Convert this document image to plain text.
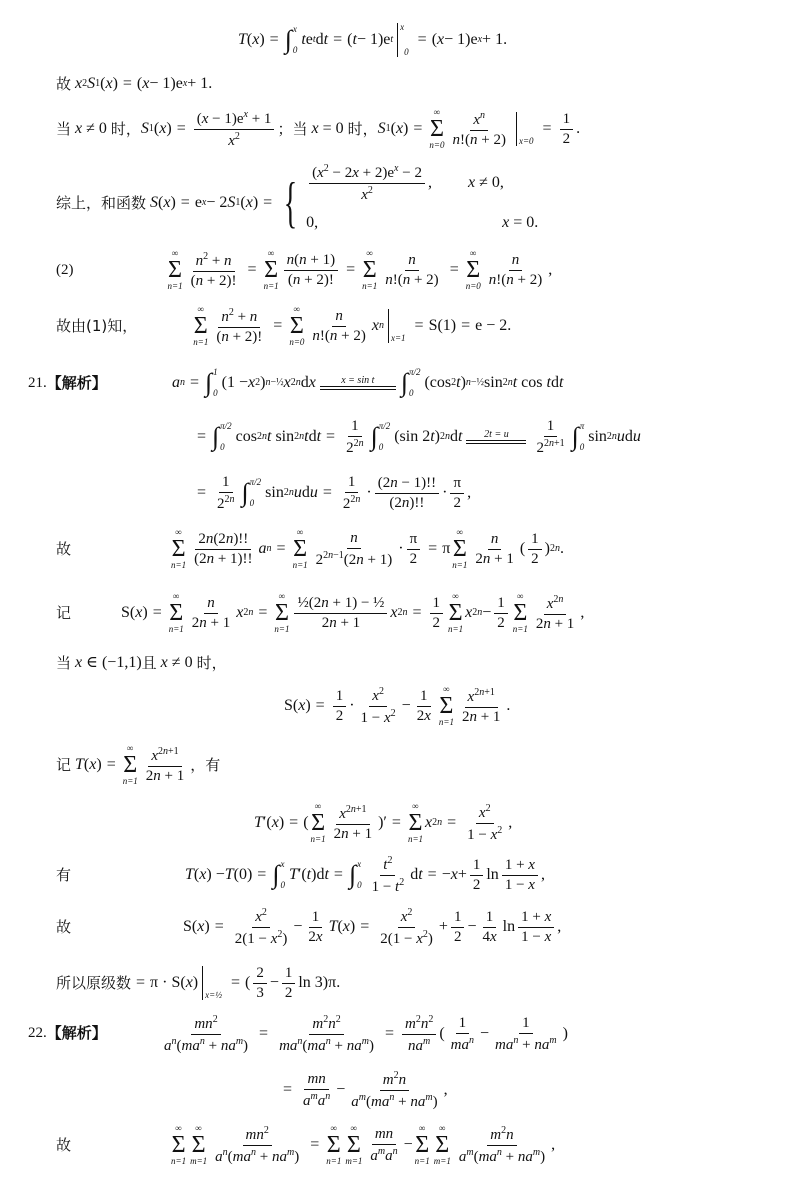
T ( x ) = ∫ x
0
t e t d t = ( t − 1)e t
x
0
= ( x − 1)e x + 1.
故
x 2 S 1 ( x ) = ( x − 1)e x + 1.
当
x ≠ 0 时， S 1 ( x ) = $\frac{(x - 1)e^x + 1}{x^2}$ ；当
x = 0 时， S 1 ( x ) =
∞
Σ
$n=0 \frac{x^n}{n!(n + 2)} x=0$
= $\frac{1}{2}$ .
综上，和函数
S ( x ) = e x − 2 S 1 ( x ) = { $\frac{(x^2 - 2x + 2)e^x - 2}{x^2}$ , x ≠ 0,
0,	x = 0.
(2)
∞
Σ
$n=1 \frac{n^2 + n}{(n + 2)!}$ =
∞
Σ
$n=1 \frac{n(n + 1)}{(n + 2)!}$ =
∞
Σ
$n=1 \frac{n}{n!(n + 2)}$ =
∞
Σ
$n=0 \frac{n}{n!(n + 2)}$ ,
故由(1)知，
∞
Σ
$n=1 \frac{n^2 + n}{(n + 2)!}$ =
∞
Σ
$n=0 \frac{n}{n!(n + 2)}$ x n
x=1
= S(1) = e − 2.
21. 【解析】	a n = ∫ 1
0
(1 − x 2 ) n−½ x 2n d x	x = sin t ∫ π/2
0
(cos 2 t ) n−½ sin 2n t cos t d t
= ∫ π/2
0
cos 2n t sin 2n t d $t = \frac{1}{2^{2n}}$ ∫ π/2
0
(sin 2 t ) 2n d t 2t = u $\frac{1}{2^{2n+1}}$ ∫ π
0
sin 2n u d u
= $\frac{1}{2^{2n}}$ ∫ π/2
0
sin 2n u d $u = \frac{1}{2^{2n}} \cdot \frac{(2n - 1)!!}{(2n)!!} \cdot \frac{\pi}{2}$ ,
故
∞
Σ
$n=1 \frac{2n(2n)!!}{(2n + 1)!!}$ a n =
∞
Σ
$n=1 \frac{n}{2^{2n-1}(2n + 1)} \cdot \frac{\pi}{2} = \pi$
∞
Σ
$n=1 \frac{n}{2n + 1}$ ( $\frac{1}{2}$ ) 2n .
记	S( x ) =
∞
Σ
$n=1 \frac{n}{2n + 1}$ x 2n =
∞
Σ
$n=1 \frac{\text{½(2n + 1) − ½}}{2n + 1}$ x $2n = \frac{1}{2}$ ∞
Σ
n=1
x $2n - \frac{1}{2}$ ∞
Σ
$n=1 \frac{x^{2n}}{2n + 1}$ ,
当
x ∈ (−1,1) 且
x ≠ 0 时，
S( x ) = $\frac{1}{2} \cdot \frac{x^2}{1 - x^2} - \frac{1}{2x}$ ∞
Σ
$n=1 \frac{x^{2n+1}}{2n + 1}$ .
记
T ( x ) =
∞
Σ
$n=1 \frac{x^{2n+1}}{2n + 1}$ ，有
T ′( x ) = (
∞
Σ
$n=1 \frac{x^{2n+1}}{2n + 1}$ )′ =
∞
Σ
n=1
x $2n = \frac{x^2}{1 - x^2}$ ,
有	T ( x ) − T (0) = ∫ x
0
T ′( t )d t = ∫ x
$0 \frac{t^2}{1 - t^2}$ d t = − $x + \frac{1}{2}$ $\ln \frac{1 + x}{1 - x}$ ,
故	S( x ) = $\frac{x^2}{2(1 - x^2)} - \frac{1}{2x}$ T ( x ) = $\frac{x^2}{2(1 - x^2)} + \frac{1}{2} - \frac{1}{4x}$ $\ln \frac{1 + x}{1 - x}$ ,
所以原级数 = π · S( x )
x=½
= ( $\frac{2}{3} - \frac{1}{2}$ ln 3)π.
22. 【解析】	$\frac{mn^2}{a^n(ma^n + na^m)} = \frac{m^2n^2}{ma^n(ma^n + na^m)} = \frac{m^2n^2}{na^m}$ ( $\frac{1}{ma^n} - \frac{1}{ma^n + na^m}$ )
= $\frac{mn}{a^ma^n} - \frac{m^2n}{a^m(ma^n + na^m)}$ ,
故
∞
Σ
n=1
∞
Σ
$m=1 \frac{mn^2}{a^n(ma^n + na^m)}$ =
∞
Σ
n=1
∞
Σ
$m=1 \frac{mn}{a^ma^n}$ −
∞
Σ
n=1
∞
Σ
$m=1 \frac{m^2n}{a^m(ma^n + na^m)}$ ,
